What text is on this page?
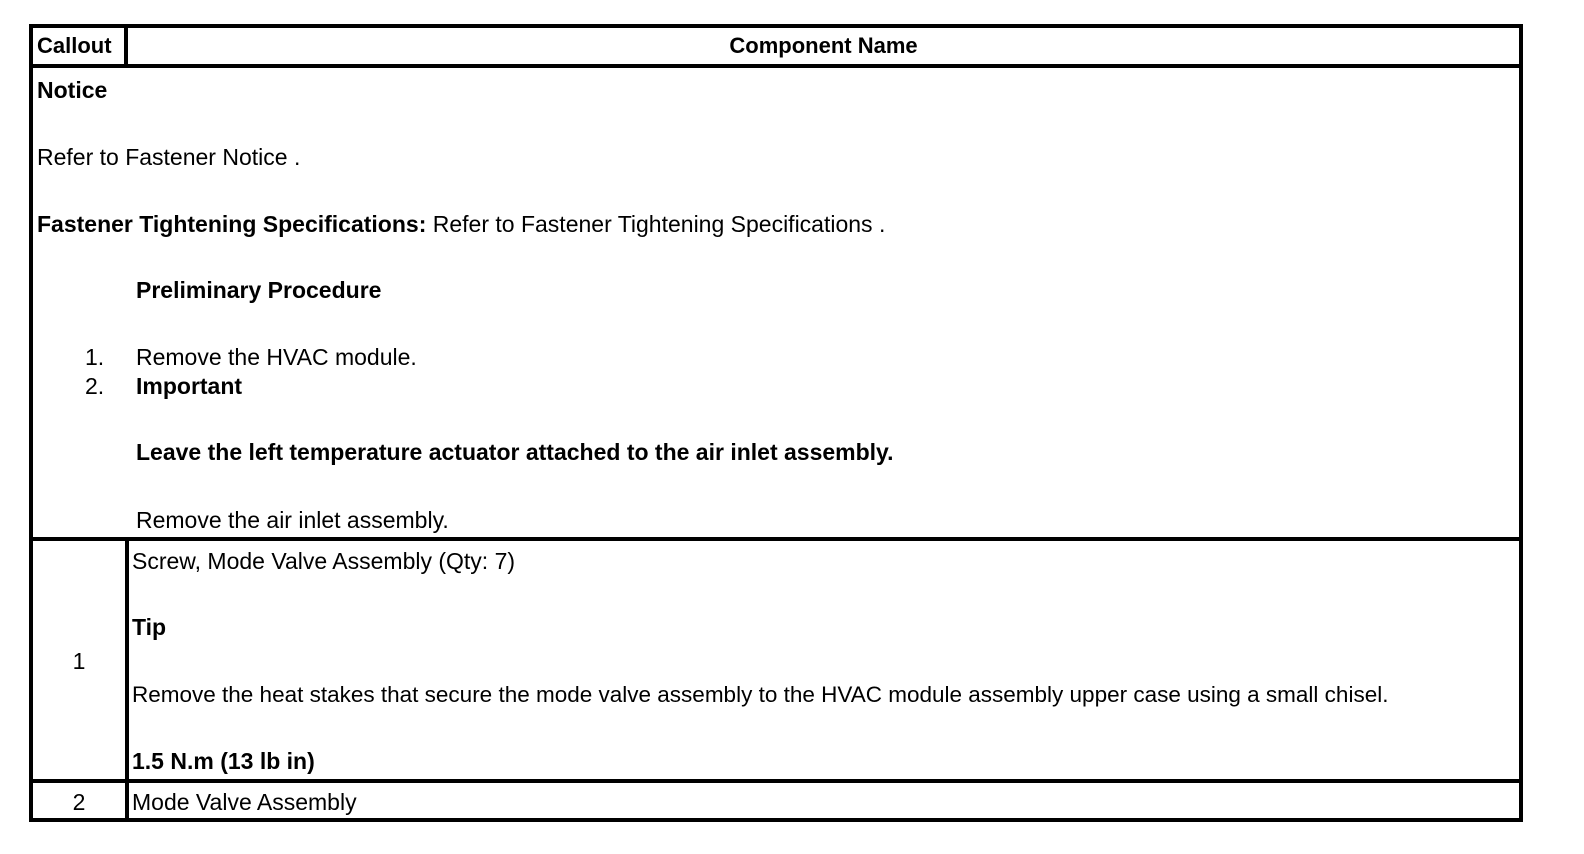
Callout	Component Name
Notice
Refer to Fastener Notice .
Fastener Tightening Specifications: Refer to Fastener Tightening Specifications .
Preliminary Procedure
1. Remove the HVAC module.
2. Important
Leave the left temperature actuator attached to the air inlet assembly.
Remove the air inlet assembly.
1
Screw, Mode Valve Assembly (Qty: 7)
Tip
Remove the heat stakes that secure the mode valve assembly to the HVAC module assembly upper case using a small chisel.
1.5 N.m (13 lb in)
2	Mode Valve Assembly
